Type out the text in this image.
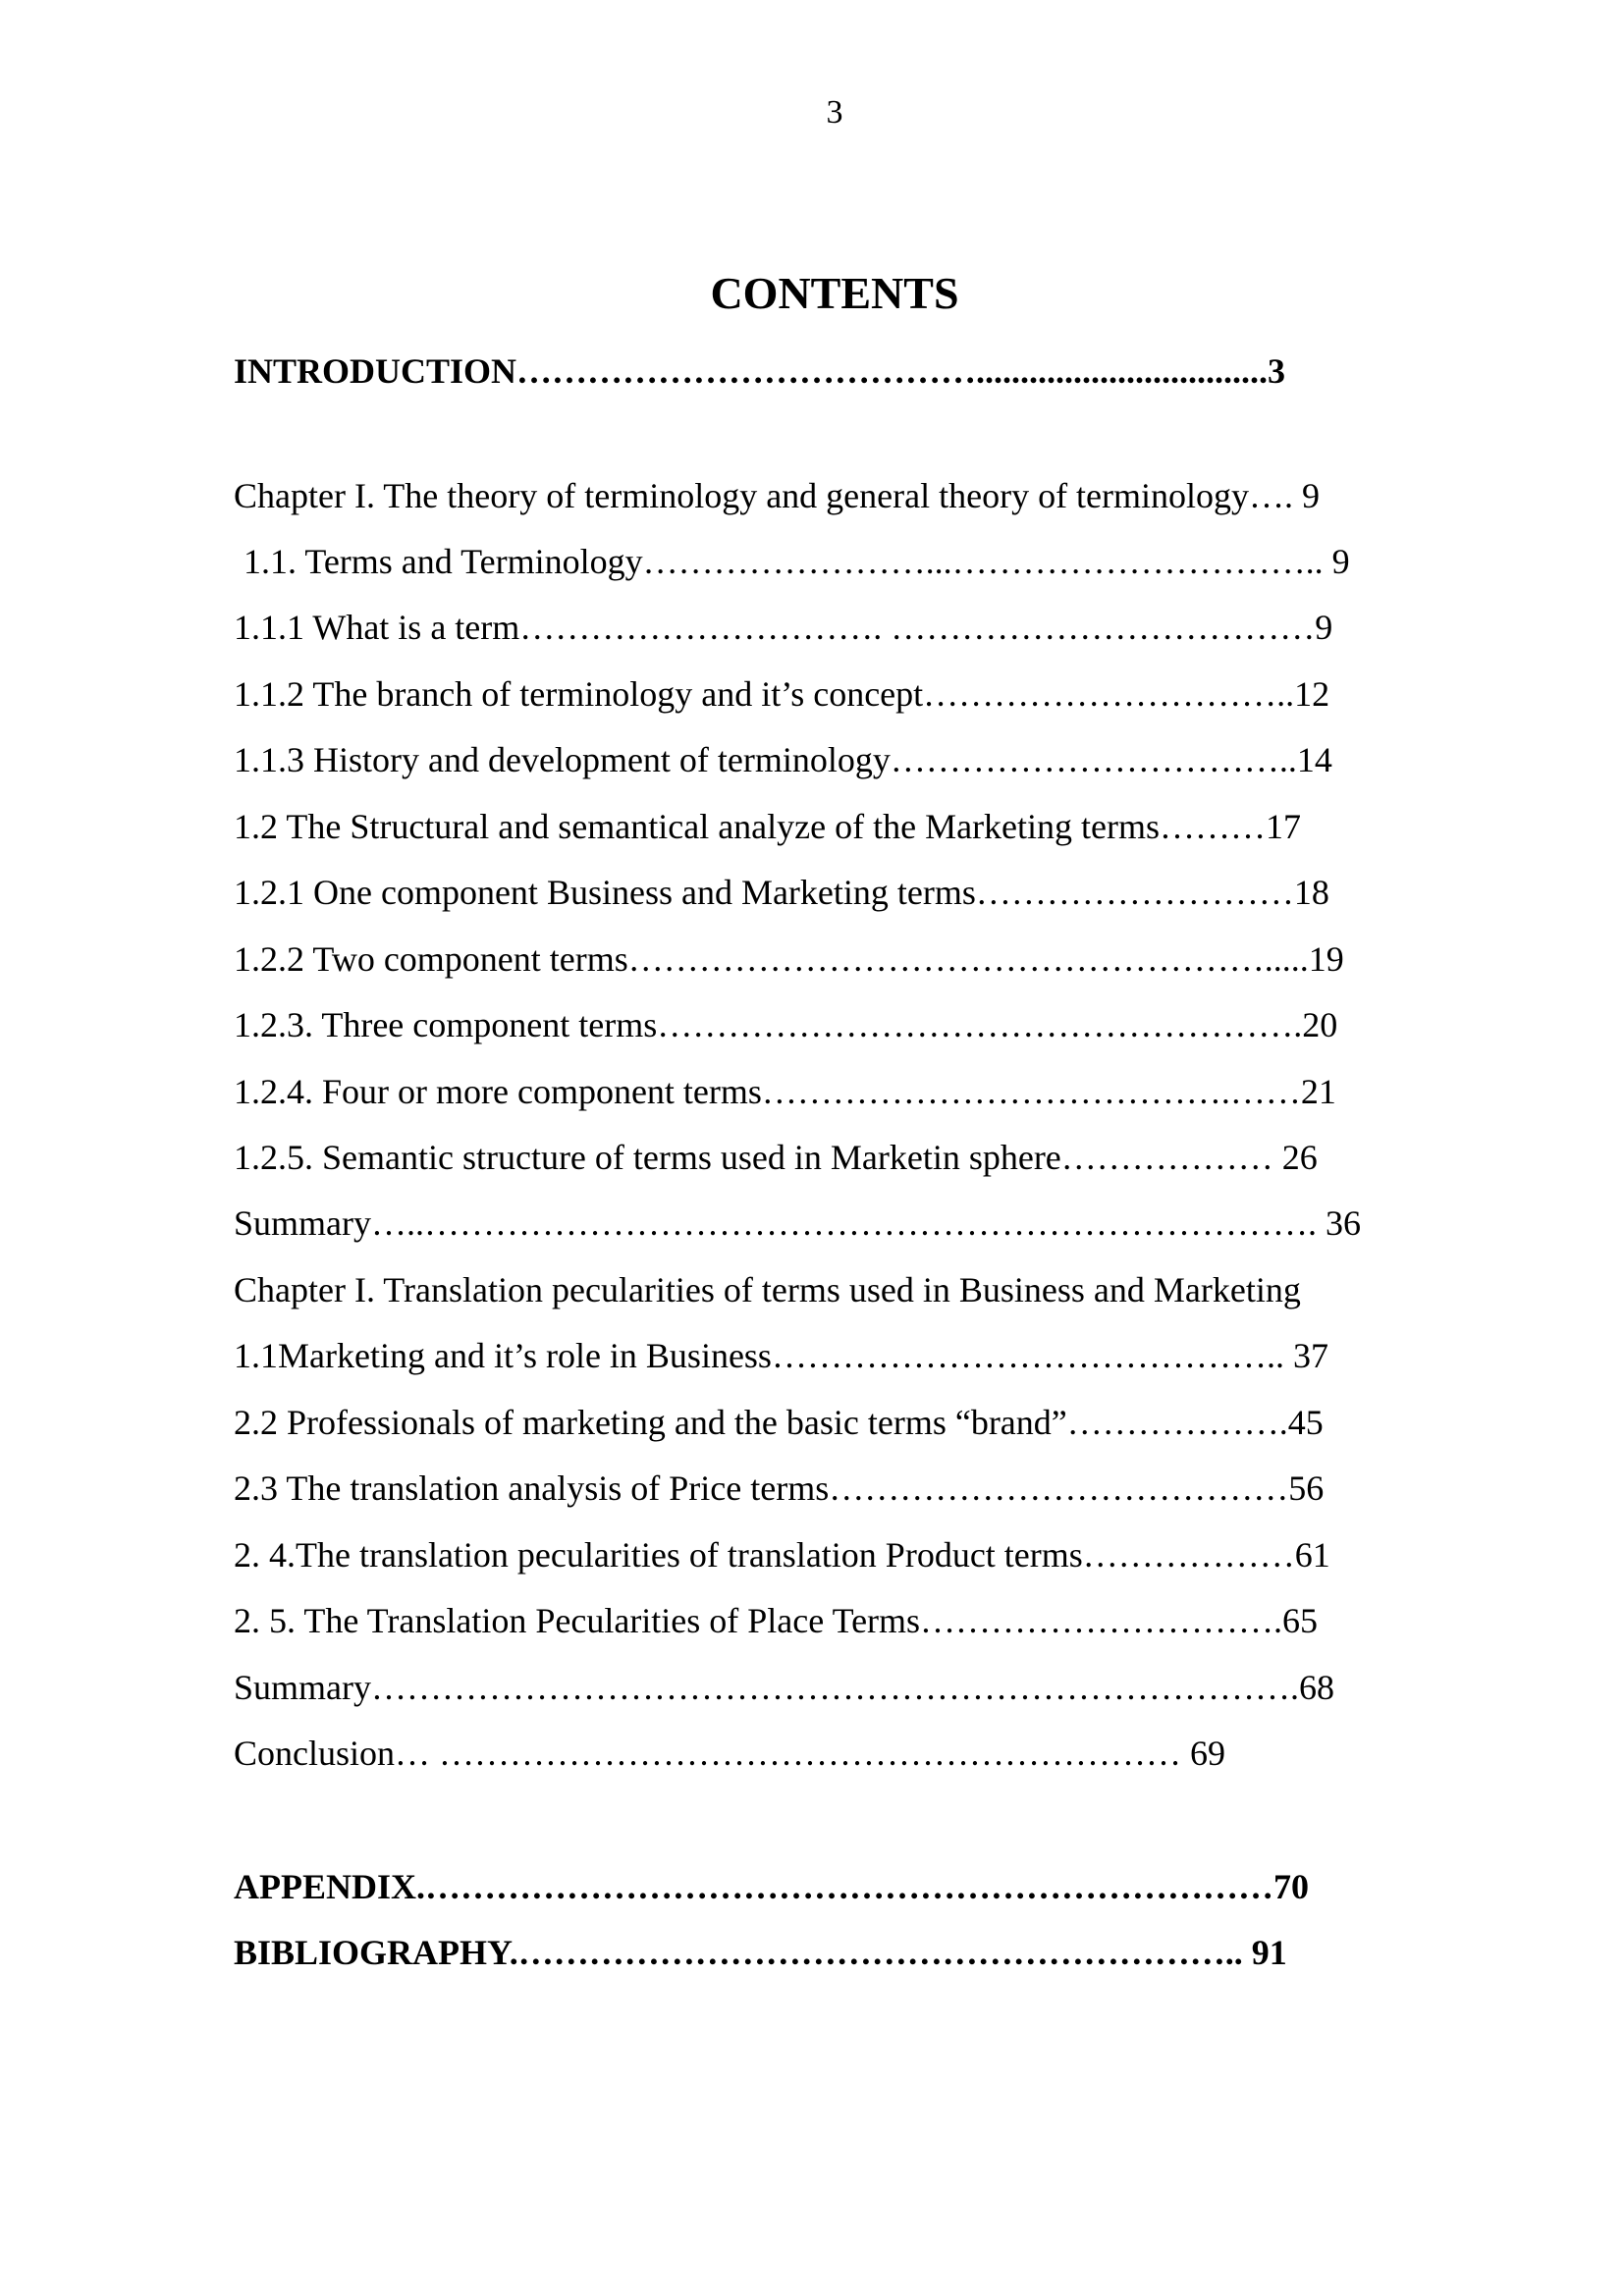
3
CONTENTS
INTRODUCTION………………………………….................................3
Chapter I. The theory of terminology and general theory of terminology…. 9
1.1. Terms and Terminology……………………...………………………….. 9
1.1.1 What is a term…………………………. ………………………………9
1.1.2 The branch of terminology and it’s concept…………………………..12
1.1.3 History and development of terminology……………………………..14
1.2 The Structural and semantical analyze of the Marketing terms………17
1.2.1 One component Business and Marketing terms………………………18
1.2.2 Two component terms……………………………………………….....19
1.2.3. Three component terms……………………………………………….20
1.2.4. Four or more component terms………………………………….……21
1.2.5. Semantic structure of terms used in Marketin sphere……………… 26
Summary…..…………………………………………………………………. 36
Chapter I. Translation pecularities of terms used in Business and Marketing
1.1Marketing and it’s role in Business…………………………………….. 37
2.2 Professionals of marketing and the basic terms “brand”……………….45
2.3 The translation analysis of Price terms…………………………………56
2. 4.The translation pecularities of translation Product terms………………61
2. 5. The Translation Pecularities of Place Terms………………………….65
Summary…………………………………………………………………….68
Conclusion… ……………………………………………………… 69
APPENDIX.………………………………………………………………70
BIBLIOGRAPHY.…………………………………………………….. 91
